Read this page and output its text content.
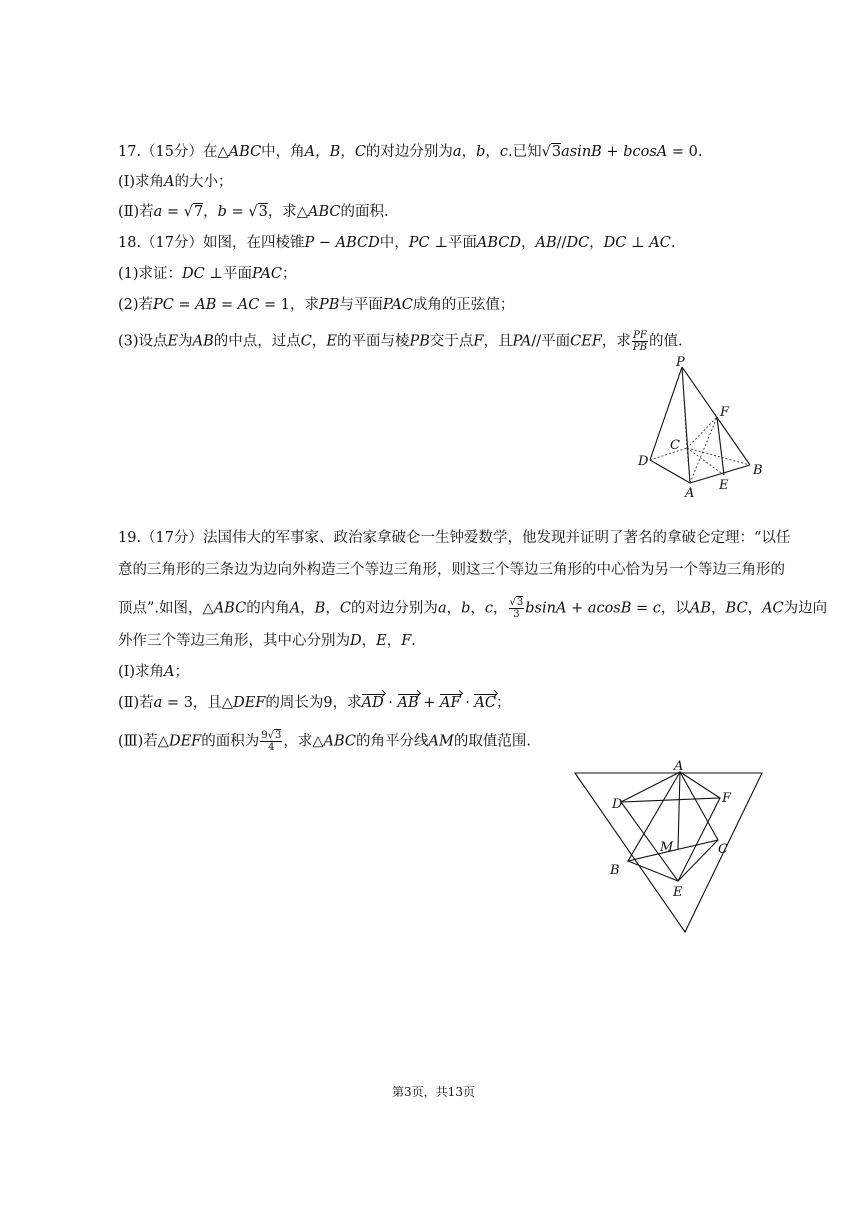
17.（15分）在△ABC中，角A，B，C的对边分别为a，b，c.已知√3asinB + bcosA = 0.
(Ⅰ)求角A的大小；
(Ⅱ)若a = √7，b = √3，求△ABC的面积.
18.（17分）如图，在四棱锥P − ABCD中，PC ⊥平面ABCD，AB//DC，DC ⊥ AC.
(1)求证：DC ⊥平面PAC；
(2)若PC = AB = AC = 1，求PB与平面PAC成角的正弦值；
(3)设点E为AB的中点，过点C，E的平面与棱PB交于点F，且PA//平面CEF，求 $\frac{PF}{PB}$ 的值.
P
F
C
D
B
A
E
19.（17分）法国伟大的军事家、政治家拿破仑一生钟爱数学，他发现并证明了著名的拿破仑定理：“以任
意的三角形的三条边为边向外构造三个等边三角形，则这三个等边三角形的中心恰为另一个等边三角形的
顶点”.如图，△ABC的内角A，B，C的对边分别为a，b，c， $\frac{√3}{3}$ bsinA + acosB = c，以AB，BC，AC为边向
外作三个等边三角形，其中心分别为D，E，F.
(Ⅰ)求角A；
(Ⅱ)若a = 3，且△DEF的周长为9，求AD · AB + AF · AC；
(Ⅲ)若△DEF的面积为 $\frac{9√3}{4}$ ，求△ABC的角平分线AM的取值范围.
A
D	F
M	C
B
E
第3页，共13页
